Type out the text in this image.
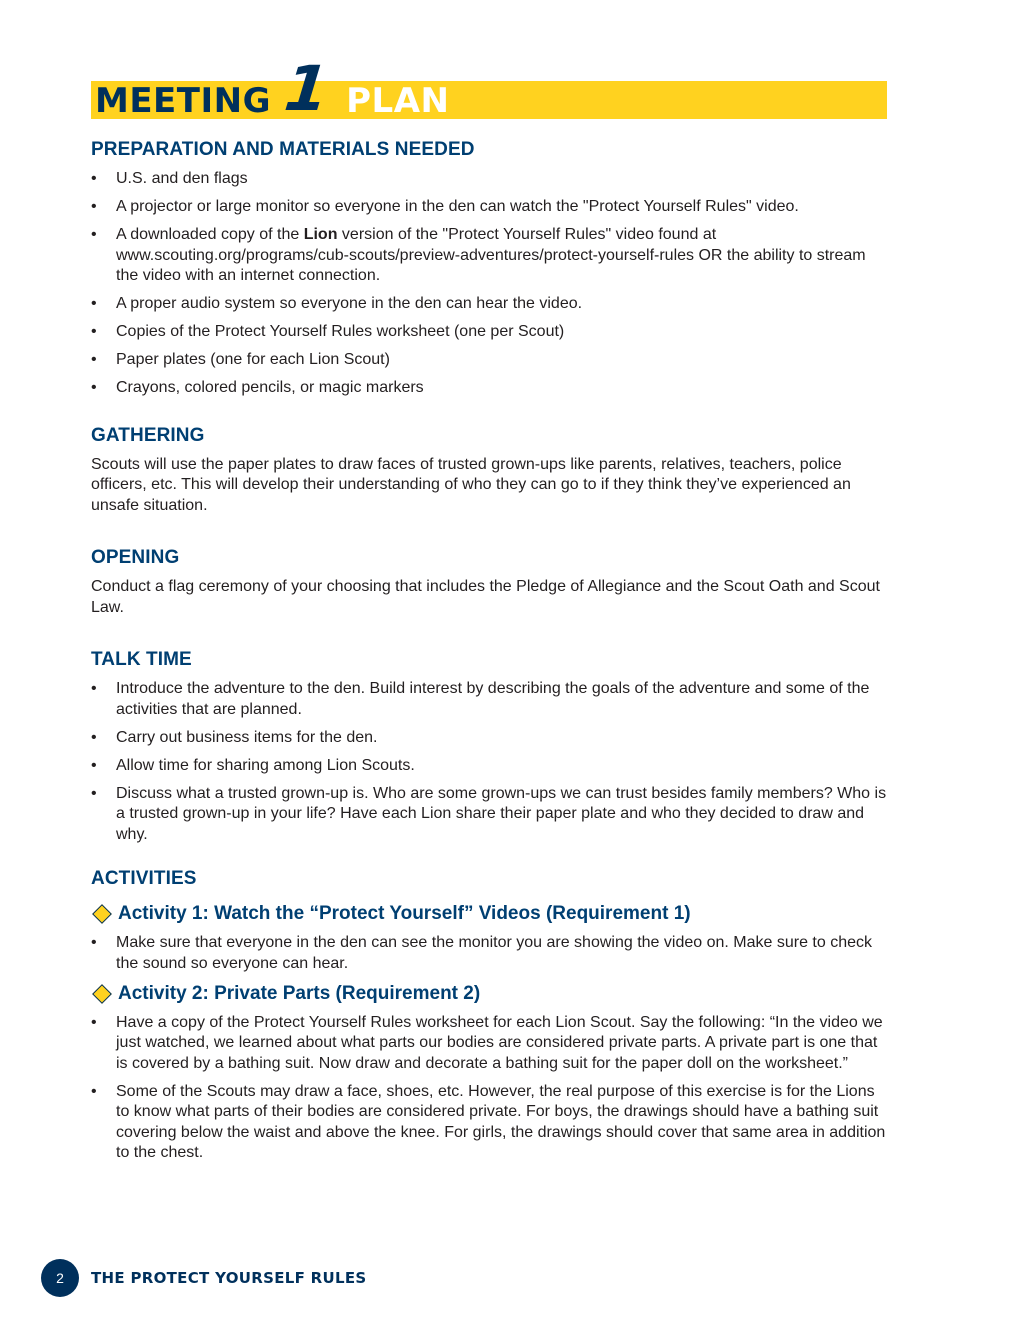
MEETING 1 PLAN
PREPARATION AND MATERIALS NEEDED
• U.S. and den flags
• A projector or large monitor so everyone in the den can watch the "Protect Yourself Rules" video.
• A downloaded copy of the Lion version of the "Protect Yourself Rules" video found at www.scouting.org/programs/cub-scouts/preview-adventures/protect-yourself-rules OR the ability to stream the video with an internet connection.
• A proper audio system so everyone in the den can hear the video.
• Copies of the Protect Yourself Rules worksheet (one per Scout)
• Paper plates (one for each Lion Scout)
• Crayons, colored pencils, or magic markers
GATHERING

Scouts will use the paper plates to draw faces of trusted grown-ups like parents, relatives, teachers, police officers, etc. This will develop their understanding of who they can go to if they think they’ve experienced an unsafe situation.

OPENING

Conduct a flag ceremony of your choosing that includes the Pledge of Allegiance and the Scout Oath and Scout Law.

TALK TIME
• Introduce the adventure to the den. Build interest by describing the goals of the adventure and some of the activities that are planned.
• Carry out business items for the den.
• Allow time for sharing among Lion Scouts.
• Discuss what a trusted grown-up is. Who are some grown-ups we can trust besides family members? Who is a trusted grown-up in your life? Have each Lion share their paper plate and who they decided to draw and why.
ACTIVITIES
Activity 1: Watch the “Protect Yourself” Videos (Requirement 1)
• Make sure that everyone in the den can see the monitor you are showing the video on. Make sure to check the sound so everyone can hear.
Activity 2: Private Parts (Requirement 2)
• Have a copy of the Protect Yourself Rules worksheet for each Lion Scout. Say the following: “In the video we just watched, we learned about what parts our bodies are considered private parts. A private part is one that is covered by a bathing suit. Now draw and decorate a bathing suit for the paper doll on the worksheet.”
• Some of the Scouts may draw a face, shoes, etc. However, the real purpose of this exercise is for the Lions to know what parts of their bodies are considered private. For boys, the drawings should have a bathing suit covering below the waist and above the knee. For girls, the drawings should cover that same area in addition to the chest.
2 THE PROTECT YOURSELF RULES
